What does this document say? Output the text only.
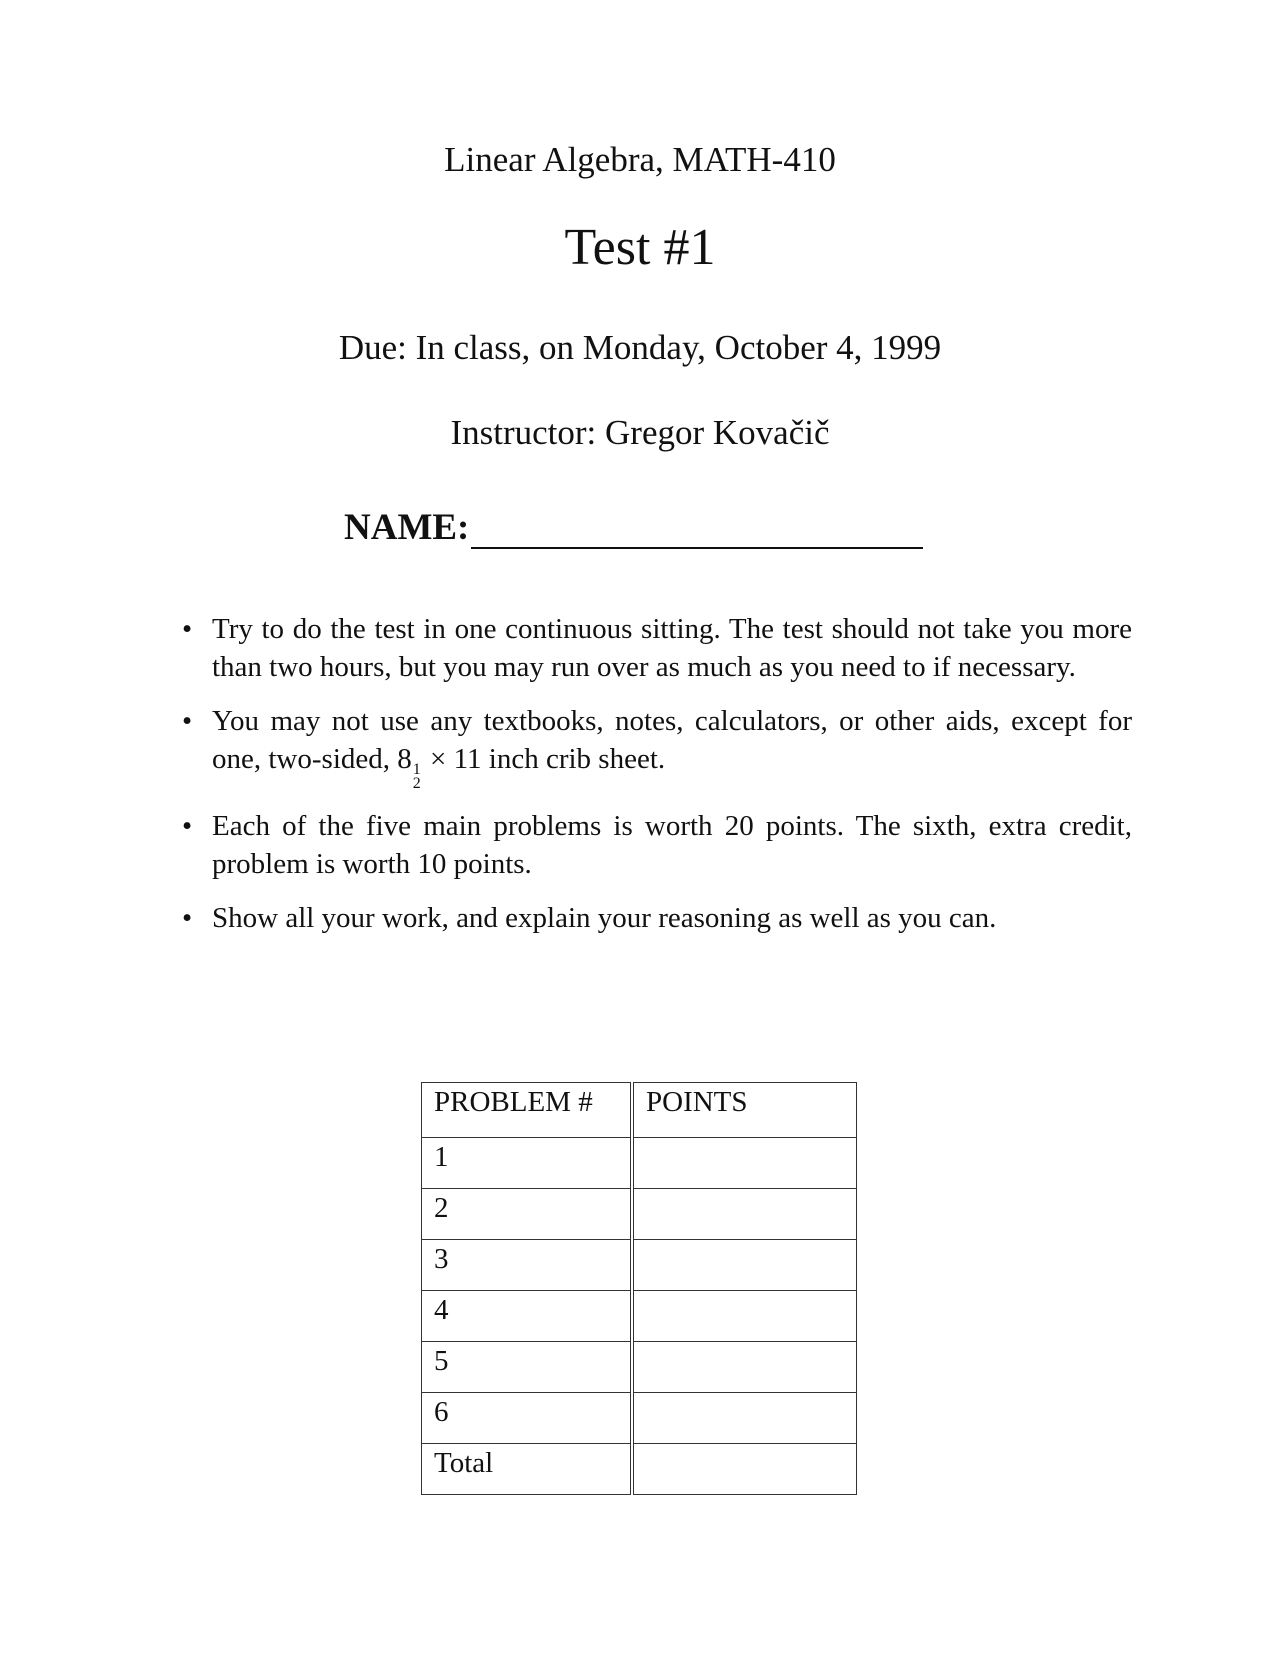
Linear Algebra, MATH-410
Test #1
Due: In class, on Monday, October 4, 1999
Instructor: Gregor Kovačič
NAME:
• Try to do the test in one continuous sitting. The test should not take you more than two hours, but you may run over as much as you need to if necessary.
• You may not use any textbooks, notes, calculators, or other aids, except for one, two-sided, 8 1
2
× 11 inch crib sheet.
• Each of the five main problems is worth 20 points. The sixth, extra credit, problem is worth 10 points.
• Show all your work, and explain your reasoning as well as you can.
PROBLEM #	POINTS
1	
2	
3	
4	
5	
6	
Total	
